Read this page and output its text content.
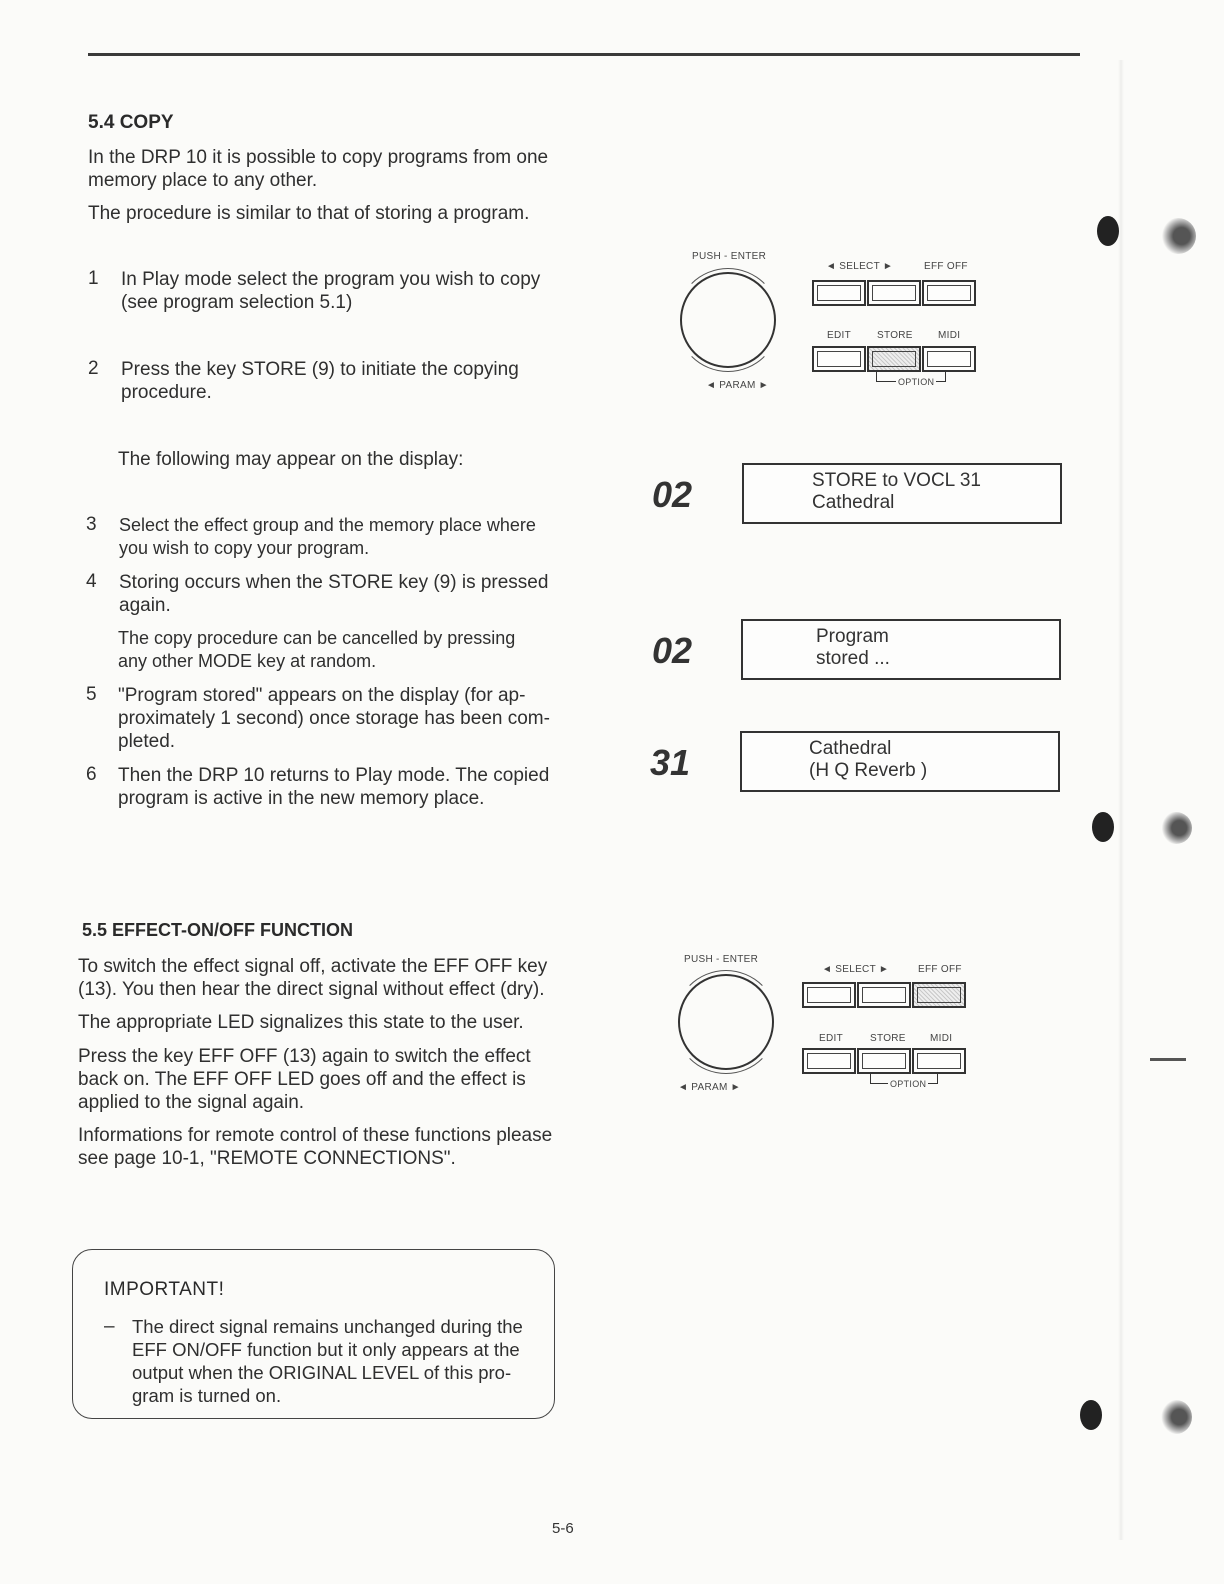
5.4 COPY
In the DRP 10 it is possible to copy programs from one
memory place to any other.
The procedure is similar to that of storing a program.
1 In Play mode select the program you wish to copy
(see program selection 5.1)
2 Press the key STORE (9) to initiate the copying
procedure.
The following may appear on the display:
3 Select the effect group and the memory place where
you wish to copy your program.
4 Storing occurs when the STORE key (9) is pressed
again.
The copy procedure can be cancelled by pressing
any other MODE key at random.
5 "Program stored" appears on the display (for ap-
proximately 1 second) once storage has been com-
pleted.
6 Then the DRP 10 returns to Play mode. The copied
program is active in the new memory place.
PUSH - ENTER
◄ PARAM ►
◄ SELECT ►	EFF OFF
EDIT	STORE	MIDI
OPTION
02	STORE to VOCL 31
Cathedral
02	Program
stored ...
31	Cathedral
(H Q Reverb )
5.5 EFFECT-ON/OFF FUNCTION
To switch the effect signal off, activate the EFF OFF key
(13). You then hear the direct signal without effect (dry).
The appropriate LED signalizes this state to the user.
Press the key EFF OFF (13) again to switch the effect
back on. The EFF OFF LED goes off and the effect is
applied to the signal again.
Informations for remote control of these functions please
see page 10-1, "REMOTE CONNECTIONS".
PUSH - ENTER
◄ PARAM ►
◄ SELECT ►	EFF OFF
EDIT	STORE MIDI
OPTION
IMPORTANT!
– The direct signal remains unchanged during the
EFF ON/OFF function but it only appears at the
output when the ORIGINAL LEVEL of this pro-
gram is turned on.
5-6
